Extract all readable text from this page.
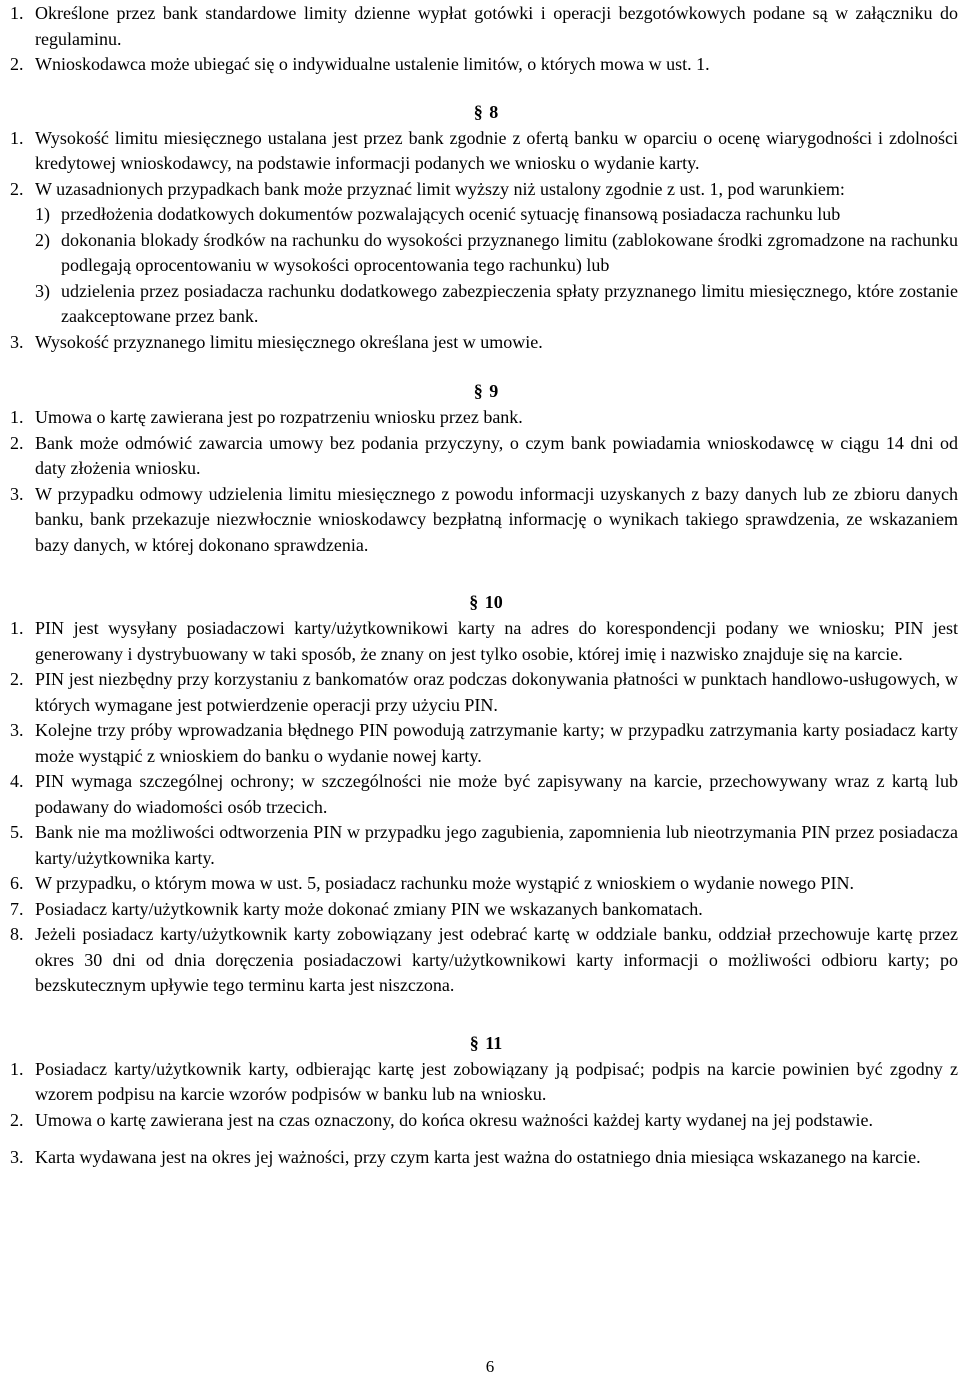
1. Określone przez bank standardowe limity dzienne wypłat gotówki i operacji bezgotówkowych podane są w załączniku do regulaminu.
2. Wnioskodawca może ubiegać się o indywidualne ustalenie limitów, o których mowa w ust. 1.
§ 8
1. Wysokość limitu miesięcznego ustalana jest przez bank zgodnie z ofertą banku w oparciu o ocenę wiarygodności i zdolności kredytowej wnioskodawcy, na podstawie informacji podanych we wniosku o wydanie karty.
2. W uzasadnionych przypadkach bank może przyznać limit wyższy niż ustalony zgodnie z ust. 1, pod warunkiem:
1) przedłożenia dodatkowych dokumentów pozwalających ocenić sytuację finansową posiadacza rachunku lub
2) dokonania blokady środków na rachunku do wysokości przyznanego limitu (zablokowane środki zgromadzone na rachunku podlegają oprocentowaniu w wysokości oprocentowania tego rachunku) lub
3) udzielenia przez posiadacza rachunku dodatkowego zabezpieczenia spłaty przyznanego limitu miesięcznego, które zostanie zaakceptowane przez bank.
3. Wysokość przyznanego limitu miesięcznego określana jest w umowie.
§ 9
1. Umowa o kartę zawierana jest po rozpatrzeniu wniosku przez bank.
2. Bank może odmówić zawarcia umowy bez podania przyczyny, o czym bank powiadamia wnioskodawcę w ciągu 14 dni od daty złożenia wniosku.
3. W przypadku odmowy udzielenia limitu miesięcznego z powodu informacji uzyskanych z bazy danych lub ze zbioru danych banku, bank przekazuje niezwłocznie wnioskodawcy bezpłatną informację o wynikach takiego sprawdzenia, ze wskazaniem bazy danych, w której dokonano sprawdzenia.
§ 10
1. PIN jest wysyłany posiadaczowi karty/użytkownikowi karty na adres do korespondencji podany we wniosku; PIN jest generowany i dystrybuowany w taki sposób, że znany on jest tylko osobie, której imię i nazwisko znajduje się na karcie.
2. PIN jest niezbędny przy korzystaniu z bankomatów oraz podczas dokonywania płatności w punktach handlowo-usługowych, w których wymagane jest potwierdzenie operacji przy użyciu PIN.
3. Kolejne trzy próby wprowadzania błędnego PIN powodują zatrzymanie karty; w przypadku zatrzymania karty posiadacz karty może wystąpić z wnioskiem do banku o wydanie nowej karty.
4. PIN wymaga szczególnej ochrony; w szczególności nie może być zapisywany na karcie, przechowywany wraz z kartą lub podawany do wiadomości osób trzecich.
5. Bank nie ma możliwości odtworzenia PIN w przypadku jego zagubienia, zapomnienia lub nieotrzymania PIN przez posiadacza karty/użytkownika karty.
6. W przypadku, o którym mowa w ust. 5, posiadacz rachunku może wystąpić z wnioskiem o wydanie nowego PIN.
7. Posiadacz karty/użytkownik karty może dokonać zmiany PIN we wskazanych bankomatach.
8. Jeżeli posiadacz karty/użytkownik karty zobowiązany jest odebrać kartę w oddziale banku, oddział przechowuje kartę przez okres 30 dni od dnia doręczenia posiadaczowi karty/użytkownikowi karty informacji o możliwości odbioru karty; po bezskutecznym upływie tego terminu karta jest niszczona.
§ 11
1. Posiadacz karty/użytkownik karty, odbierając kartę jest zobowiązany ją podpisać; podpis na karcie powinien być zgodny z wzorem podpisu na karcie wzorów podpisów w banku lub na wniosku.
2. Umowa o kartę zawierana jest na czas oznaczony, do końca okresu ważności każdej karty wydanej na jej podstawie.
3. Karta wydawana jest na okres jej ważności, przy czym karta jest ważna do ostatniego dnia miesiąca wskazanego na karcie.
6
